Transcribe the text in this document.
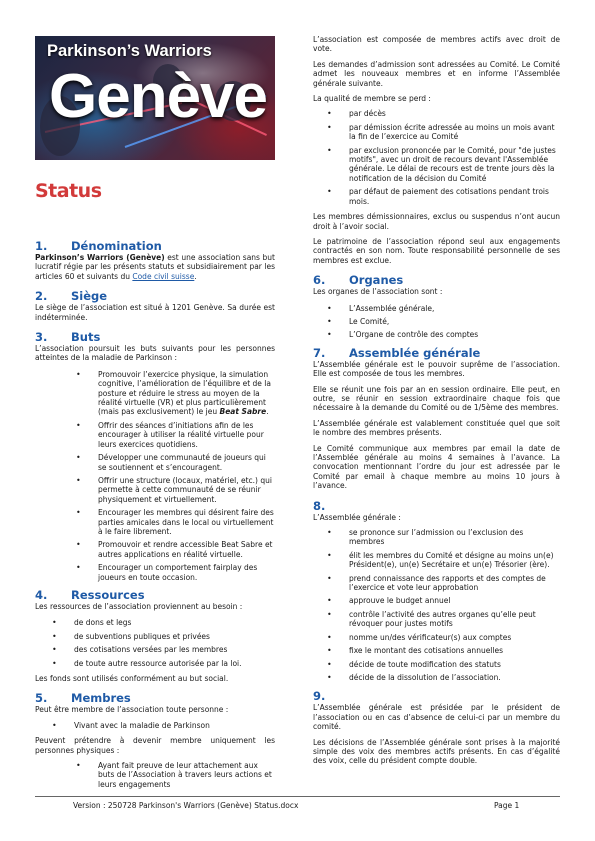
Parkinson’s Warriors
Genève
Status
1. Dénomination

Parkinson’s Warriors (Genève) est une association sans but lucratif régie par les présents statuts et subsidiairement par les articles 60 et suivants du Code civil suisse.

2. Siège

Le siège de l’association est situé à 1201 Genève. Sa durée est indéterminée.

3. Buts

L’association poursuit les buts suivants pour les personnes atteintes de la maladie de Parkinson :

• Promouvoir l’exercice physique, la simulation cognitive, l’amélioration de l’équilibre et de la posture et réduire le stress au moyen de la réalité virtuelle (VR) et plus particulièrement (mais pas exclusivement) le jeu Beat Sabre.
• Offrir des séances d’initiations afin de les encourager à utiliser la réalité virtuelle pour leurs exercices quotidiens.
• Développer une communauté de joueurs qui se soutiennent et s’encouragent.
• Offrir une structure (locaux, matériel, etc.) qui permette à cette communauté de se réunir physiquement et virtuellement.
• Encourager les membres qui désirent faire des parties amicales dans le local ou virtuellement à le faire librement.
• Promouvoir et rendre accessible Beat Sabre et autres applications en réalité virtuelle.
• Encourager un comportement fairplay des joueurs en toute occasion.
4. Ressources

Les ressources de l’association proviennent au besoin :

• de dons et legs
• de subventions publiques et privées
• des cotisations versées par les membres
• de toute autre ressource autorisée par la loi.

Les fonds sont utilisés conformément au but social.

5. Membres

Peut être membre de l’association toute personne :

• Vivant avec la maladie de Parkinson

Peuvent prétendre à devenir membre uniquement les personnes physiques :

• Ayant fait preuve de leur attachement aux buts de l’Association à travers leurs actions et leurs engagements

L’association est composée de membres actifs avec droit de vote.

Les demandes d’admission sont adressées au Comité. Le Comité admet les nouveaux membres et en informe l’Assemblée générale suivante.

La qualité de membre se perd :

• par décès
• par démission écrite adressée au moins un mois avant la fin de l’exercice au Comité
• par exclusion prononcée par le Comité, pour "de justes motifs", avec un droit de recours devant l'Assemblée générale. Le délai de recours est de trente jours dès la notification de la décision du Comité
• par défaut de paiement des cotisations pendant trois mois.

Les membres démissionnaires, exclus ou suspendus n’ont aucun droit à l’avoir social.

Le patrimoine de l’association répond seul aux engagements contractés en son nom. Toute responsabilité personnelle de ses membres est exclue.

6. Organes

Les organes de l’association sont :

• L’Assemblée générale,
• Le Comité,
• L’Organe de contrôle des comptes
7. Assemblée générale

L’Assemblée générale est le pouvoir suprême de l’association. Elle est composée de tous les membres.

Elle se réunit une fois par an en session ordinaire. Elle peut, en outre, se réunir en session extraordinaire chaque fois que nécessaire à la demande du Comité ou de 1/5ème des membres.

L’Assemblée générale est valablement constituée quel que soit le nombre des membres présents.

Le Comité communique aux membres par email la date de l’Assemblée générale au moins 4 semaines à l’avance. La convocation mentionnant l’ordre du jour est adressée par le Comité par email à chaque membre au moins 10 jours à l’avance.

8.

L’Assemblée générale :

• se prononce sur l’admission ou l’exclusion des membres
• élit les membres du Comité et désigne au moins un(e) Président(e), un(e) Secrétaire et un(e) Trésorier (ère).
• prend connaissance des rapports et des comptes de l’exercice et vote leur approbation
• approuve le budget annuel
• contrôle l’activité des autres organes qu’elle peut révoquer pour justes motifs
• nomme un/des vérificateur(s) aux comptes
• fixe le montant des cotisations annuelles
• décide de toute modification des statuts
• décide de la dissolution de l’association.
9.

L’Assemblée générale est présidée par le président de l’association ou en cas d’absence de celui-ci par un membre du comité.

Les décisions de l’Assemblée générale sont prises à la majorité simple des voix des membres actifs présents. En cas d’égalité des voix, celle du président compte double.

Version : 250728 Parkinson's Warriors (Genève) Status.docx	Page 1
